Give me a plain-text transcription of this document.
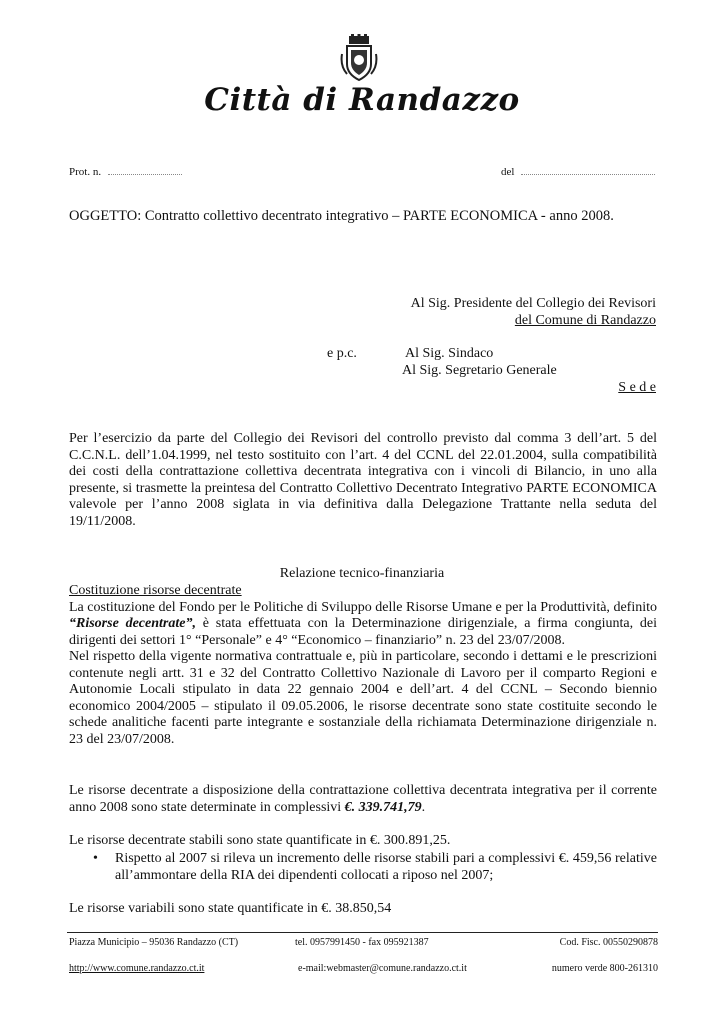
Città di Randazzo
Prot. n.	del
OGGETTO: Contratto collettivo decentrato integrativo – PARTE ECONOMICA - anno 2008.
Al Sig. Presidente del Collegio dei Revisori
del Comune di Randazzo
e p.c.	Al Sig. Sindaco
Al Sig. Segretario Generale
S e d e

Per l’esercizio da parte del Collegio dei Revisori del controllo previsto dal comma 3 dell’art. 5 del C.C.N.L. dell’1.04.1999, nel testo sostituito con l’art. 4 del CCNL del 22.01.2004, sulla compatibilità dei costi della contrattazione collettiva decentrata integrativa con i vincoli di Bilancio, in uno alla presente, si trasmette la preintesa del Contratto Collettivo Decentrato Integrativo PARTE ECONOMICA valevole per l’anno 2008 siglata in via definitiva dalla Delegazione Trattante nella seduta del 19/11/2008.

Relazione tecnico-finanziaria

Costituzione risorse decentrate

La costituzione del Fondo per le Politiche di Sviluppo delle Risorse Umane e per la Produttività, definito “Risorse decentrate”, è stata effettuata con la Determinazione dirigenziale, a firma congiunta, dei dirigenti dei settori 1° “Personale” e 4° “Economico – finanziario” n. 23 del 23/07/2008.

Nel rispetto della vigente normativa contrattuale e, più in particolare, secondo i dettami e le prescrizioni contenute negli artt. 31 e 32 del Contratto Collettivo Nazionale di Lavoro per il comparto Regioni e Autonomie Locali stipulato in data 22 gennaio 2004 e dell’art. 4 del CCNL – Secondo biennio economico 2004/2005 – stipulato il 09.05.2006, le risorse decentrate sono state costituite secondo le schede analitiche facenti parte integrante e sostanziale della richiamata Determinazione dirigenziale n. 23 del 23/07/2008.

Le risorse decentrate a disposizione della contrattazione collettiva decentrata integrativa per il corrente anno 2008 sono state determinate in complessivi €. 339.741,79.

Le risorse decentrate stabili sono state quantificate in €. 300.891,25.
• Rispetto al 2007 si rileva un incremento delle risorse stabili pari a complessivi €. 459,56 relative all’ammontare della RIA dei dipendenti collocati a riposo nel 2007;
Le risorse variabili sono state quantificate in €. 38.850,54
Piazza Municipio – 95036 Randazzo (CT)	tel. 0957991450 - fax 095921387	Cod. Fisc. 00550290878
http://www.comune.randazzo.ct.it	e-mail:webmaster@comune.randazzo.ct.it	numero verde 800-261310
